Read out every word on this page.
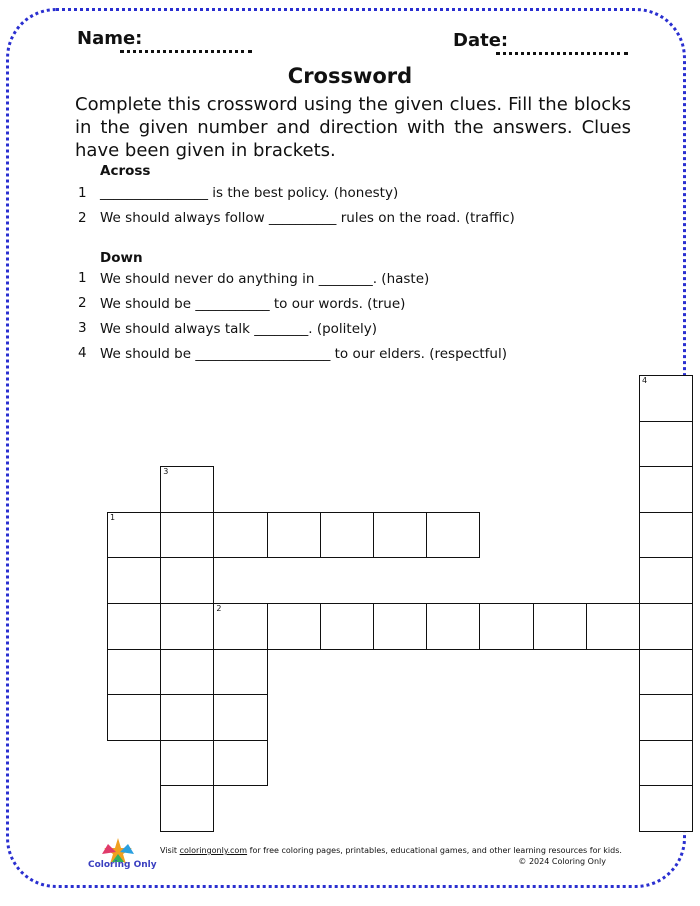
Name:	Date:
Crossword
Complete this crossword using the given clues. Fill the blocks in the given number and direction with the answers. Clues have been given in brackets.
Across
1 ________________ is the best policy. (honesty)
2 We should always follow __________ rules on the road. (traffic)
Down
1 We should never do anything in ________. (haste)
2 We should be ___________ to our words. (true)
3 We should always talk ________. (politely)
4 We should be ____________________ to our elders. (respectful)
4
3
1
2
Coloring Only
Visit coloringonly.com for free coloring pages, printables, educational games, and other learning resources for kids.
© 2024 Coloring Only
